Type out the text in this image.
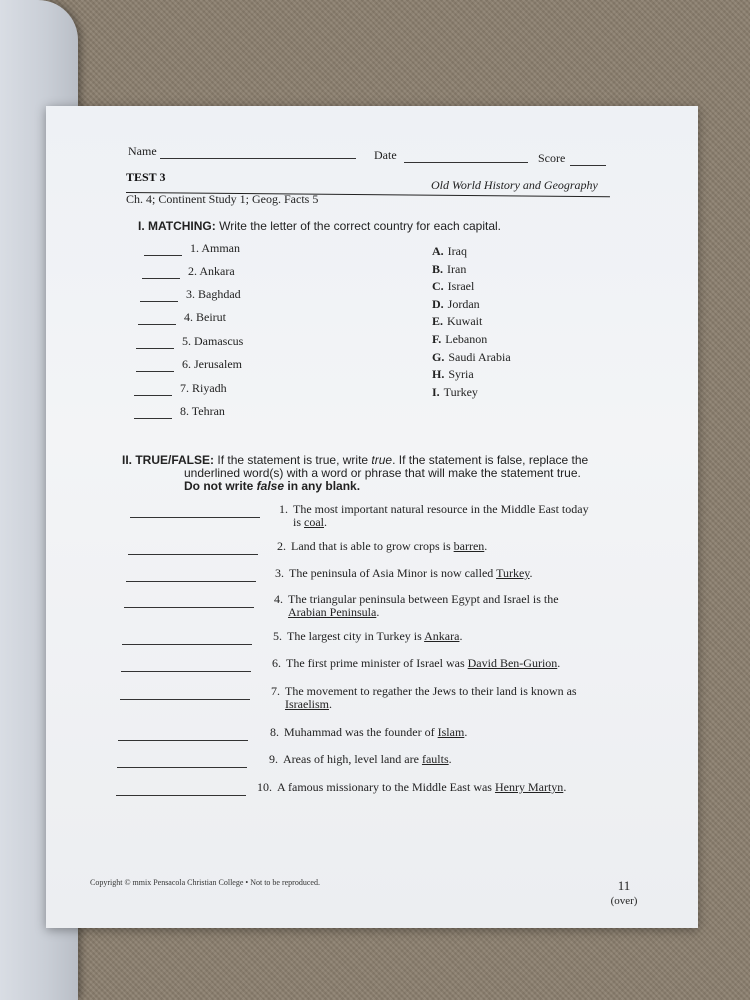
Name	Date	Score
TEST 3
Old World History and Geography
Ch. 4; Continent Study 1; Geog. Facts 5
I. MATCHING: Write the letter of the correct country for each capital.
1. Amman
2. Ankara
3. Baghdad
4. Beirut
5. Damascus
6. Jerusalem
7. Riyadh
8. Tehran
A. Iraq
B. Iran
C. Israel
D. Jordan
E. Kuwait
F. Lebanon
G. Saudi Arabia
H. Syria
I. Turkey
II. TRUE/FALSE: If the statement is true, write true. If the statement is false, replace the
underlined word(s) with a word or phrase that will make the statement true.
Do not write false in any blank.
1. The most important natural resource in the Middle East today
is coal.
2. Land that is able to grow crops is barren.
3. The peninsula of Asia Minor is now called Turkey.
4. The triangular peninsula between Egypt and Israel is the
Arabian Peninsula.
5. The largest city in Turkey is Ankara.
6. The first prime minister of Israel was David Ben-Gurion.
7. The movement to regather the Jews to their land is known as
Israelism.
8. Muhammad was the founder of Islam.
9. Areas of high, level land are faults.
10. A famous missionary to the Middle East was Henry Martyn.
Copyright © mmix Pensacola Christian College • Not to be reproduced.	11
(over)
